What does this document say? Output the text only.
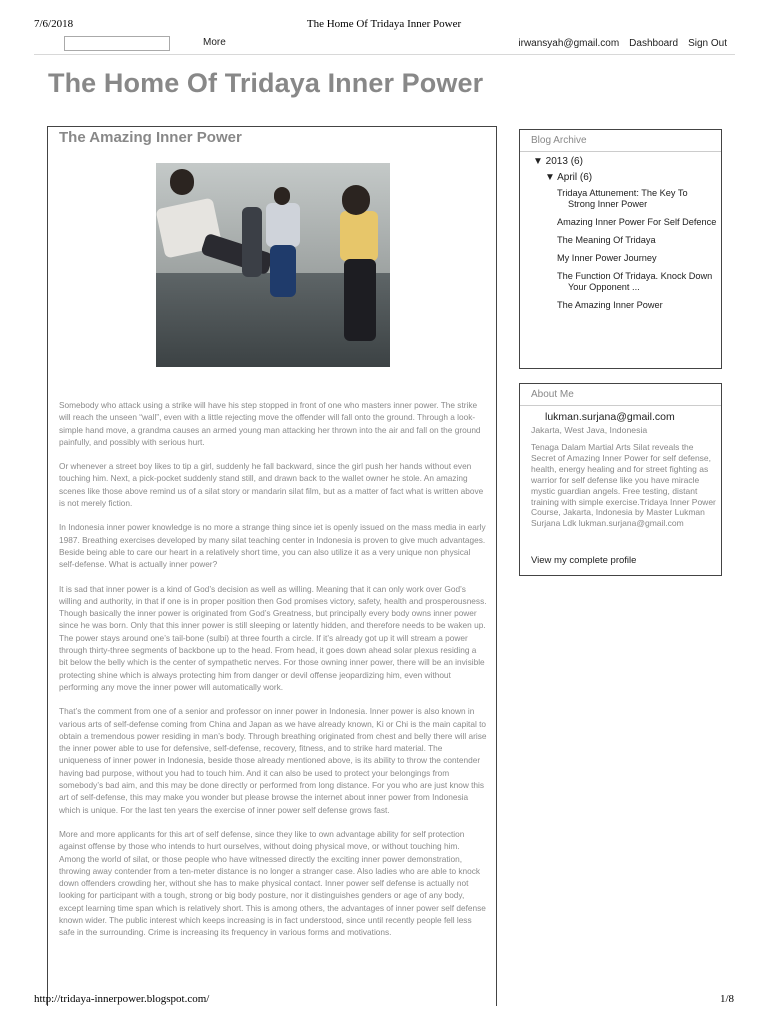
7/6/2018	The Home Of Tridaya Inner Power
More	irwansyah@gmail.com Dashboard Sign Out
The Home Of Tridaya Inner Power
The Amazing Inner Power

Somebody who attack using a strike will have his step stopped in front of one who masters inner power. The strike will reach the unseen “wall”, even with a little rejecting move the offender will fall onto the ground. Through a look-simple hand move, a grandma causes an armed young man attacking her thrown into the air and fall on the ground painfully, and possibly with serious hurt.

Or whenever a street boy likes to tip a girl, suddenly he fall backward, since the girl push her hands without even touching him. Next, a pick-pocket suddenly stand still, and drawn back to the wallet owner he stole. An amazing scenes like those above remind us of a silat story or mandarin silat film, but as a matter of fact what is written above is not merely fiction.

In Indonesia inner power knowledge is no more a strange thing since iet is openly issued on the mass media in early 1987. Breathing exercises developed by many silat teaching center in Indonesia is proven to give much advantages. Beside being able to care our heart in a relatively short time, you can also utilize it as a very unique non physical self-defense. What is actually inner power?

It is sad that inner power is a kind of God’s decision as well as willing. Meaning that it can only work over God’s willing and authority, in that if one is in proper position then God promises victory, safety, health and prosperousness. Though basically the inner power is originated from God’s Greatness, but principally every body owns inner power since he was born. Only that this inner power is still sleeping or latently hidden, and therefore needs to be waken up. The power stays around one’s tail-bone (sulbi) at three fourth a circle. If it’s already got up it will stream a power through thirty-three segments of backbone up to the head. From head, it goes down ahead solar plexus residing a bit below the belly which is the center of sympathetic nerves. For those owning inner power, there will be an invisible protecting shine which is always protecting him from danger or devil offense jeopardizing him, even without performing any move the inner power will automatically work.

That’s the comment from one of a senior and professor on inner power in Indonesia. Inner power is also known in various arts of self-defense coming from China and Japan as we have already known, Ki or Chi is the main capital to obtain a tremendous power residing in man’s body. Through breathing originated from chest and belly there will arise the inner power able to use for defensive, self-defense, recovery, fitness, and to strike hard material. The uniqueness of inner power in Indonesia, beside those already mentioned above, is its ability to throw the contender having bad purpose, without you had to touch him. And it can also be used to protect your belongings from somebody’s bad aim, and this may be done directly or performed from long distance. For you who are just know this art of self-defense, this may make you wonder but please browse the internet about inner power from Indonesia which is unique. For the last ten years the exercise of inner power self defense grows fast.

More and more applicants for this art of self defense, since they like to own advantage ability for self protection against offense by those who intends to hurt ourselves, without doing physical move, or without touching him. Among the world of silat, or those people who have witnessed directly the exciting inner power demonstration, throwing away contender from a ten-meter distance is no longer a stranger case. Also ladies who are able to knock down offenders crowding her, without she has to make physical contact. Inner power self defense is actually not looking for participant with a tough, strong or big body posture, nor it distinguishes genders or age of any body, except learning time span which is relatively short. This is among others, the advantages of inner power self defense known wider. The public interest which keeps increasing is in fact understood, since until recently people fell less safe in the surrounding. Crime is increasing its frequency in various forms and motivations.

Blog Archive
▼ 2013 (6)
▼ April (6)
Tridaya Attunement: The Key To Strong Inner Power
Amazing Inner Power For Self Defence
The Meaning Of Tridaya
My Inner Power Journey
The Function Of Tridaya. Knock Down Your Opponent ...
The Amazing Inner Power
About Me
lukman.surjana@gmail.com
Jakarta, West Java, Indonesia
Tenaga Dalam Martial Arts Silat reveals the Secret of Amazing Inner Power for self defense, health, energy healing and for street fighting as warrior for self defense like you have miracle mystic guardian angels. Free testing, distant training with simple exercise.Tridaya Inner Power Course, Jakarta, Indonesia by Master Lukman Surjana Ldk lukman.surjana@gmail.com
View my complete profile
http://tridaya-innerpower.blogspot.com/	1/8
